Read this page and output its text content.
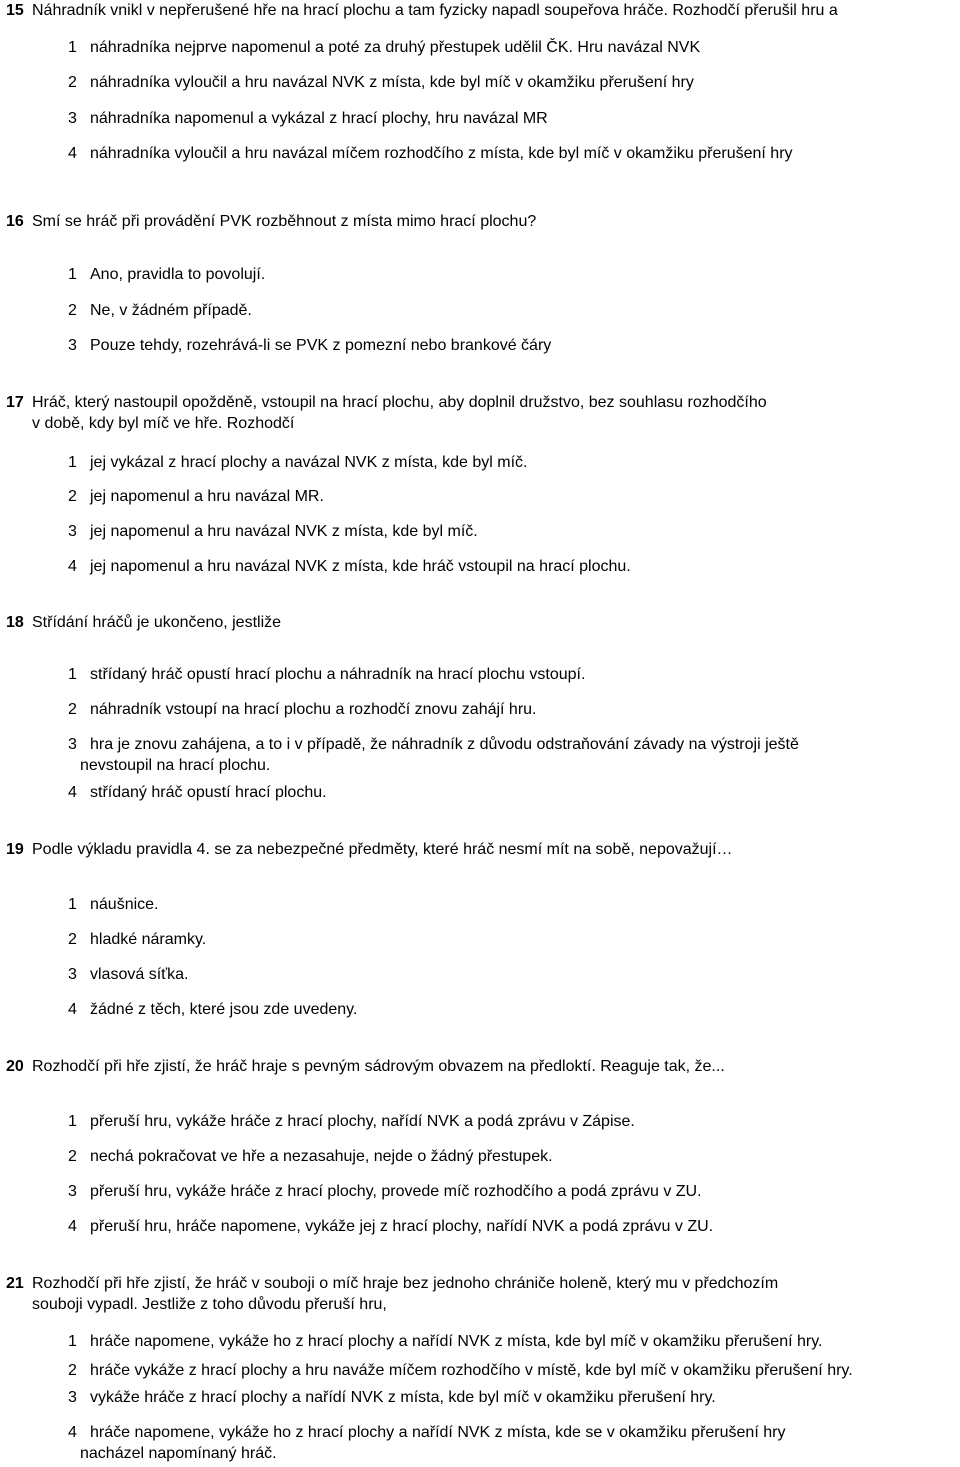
15 Náhradník vnikl v nepřerušené hře na hrací plochu a tam fyzicky napadl soupeřova hráče. Rozhodčí přerušil hru a
1 náhradníka nejprve napomenul a poté za druhý přestupek udělil ČK. Hru navázal NVK
2 náhradníka vyloučil a hru navázal NVK z místa, kde byl míč v okamžiku přerušení hry
3 náhradníka napomenul a vykázal z hrací plochy, hru navázal MR
4 náhradníka vyloučil a hru navázal míčem rozhodčího z místa, kde byl míč v okamžiku přerušení hry
16 Smí se hráč při provádění PVK rozběhnout z místa mimo hrací plochu?
1 Ano, pravidla to povolují.
2 Ne, v žádném případě.
3 Pouze tehdy, rozehrává-li se PVK z pomezní nebo brankové čáry
17 Hráč, který nastoupil opožděně, vstoupil na hrací plochu, aby doplnil družstvo, bez souhlasu rozhodčího
v době, kdy byl míč ve hře. Rozhodčí
1 jej vykázal z hrací plochy a navázal NVK z místa, kde byl míč.
2 jej napomenul a hru navázal MR.
3 jej napomenul a hru navázal NVK z místa, kde byl míč.
4 jej napomenul a hru navázal NVK z místa, kde hráč vstoupil na hrací plochu.
18 Střídání hráčů je ukončeno, jestliže
1 střídaný hráč opustí hrací plochu a náhradník na hrací plochu vstoupí.
2 náhradník vstoupí na hrací plochu a rozhodčí znovu zahájí hru.
3 hra je znovu zahájena, a to i v případě, že náhradník z důvodu odstraňování závady na výstroji ještě
nevstoupil na hrací plochu.
4 střídaný hráč opustí hrací plochu.
19 Podle výkladu pravidla 4. se za nebezpečné předměty, které hráč nesmí mít na sobě, nepovažují…
1 náušnice.
2 hladké náramky.
3 vlasová síťka.
4 žádné z těch, které jsou zde uvedeny.
20 Rozhodčí při hře zjistí, že hráč hraje s pevným sádrovým obvazem na předloktí. Reaguje tak, že...
1 přeruší hru, vykáže hráče z hrací plochy, nařídí NVK a podá zprávu v Zápise.
2 nechá pokračovat ve hře a nezasahuje, nejde o žádný přestupek.
3 přeruší hru, vykáže hráče z hrací plochy, provede míč rozhodčího a podá zprávu v ZU.
4 přeruší hru, hráče napomene, vykáže jej z hrací plochy, nařídí NVK a podá zprávu v ZU.
21 Rozhodčí při hře zjistí, že hráč v souboji o míč hraje bez jednoho chrániče holeně, který mu v předchozím
souboji vypadl. Jestliže z toho důvodu přeruší hru,
1 hráče napomene, vykáže ho z hrací plochy a nařídí NVK z místa, kde byl míč v okamžiku přerušení hry.
2 hráče vykáže z hrací plochy a hru naváže míčem rozhodčího v místě, kde byl míč v okamžiku přerušení hry.
3 vykáže hráče z hrací plochy a nařídí NVK z místa, kde byl míč v okamžiku přerušení hry.
4 hráče napomene, vykáže ho z hrací plochy a nařídí NVK z místa, kde se v okamžiku přerušení hry
nacházel napomínaný hráč.
